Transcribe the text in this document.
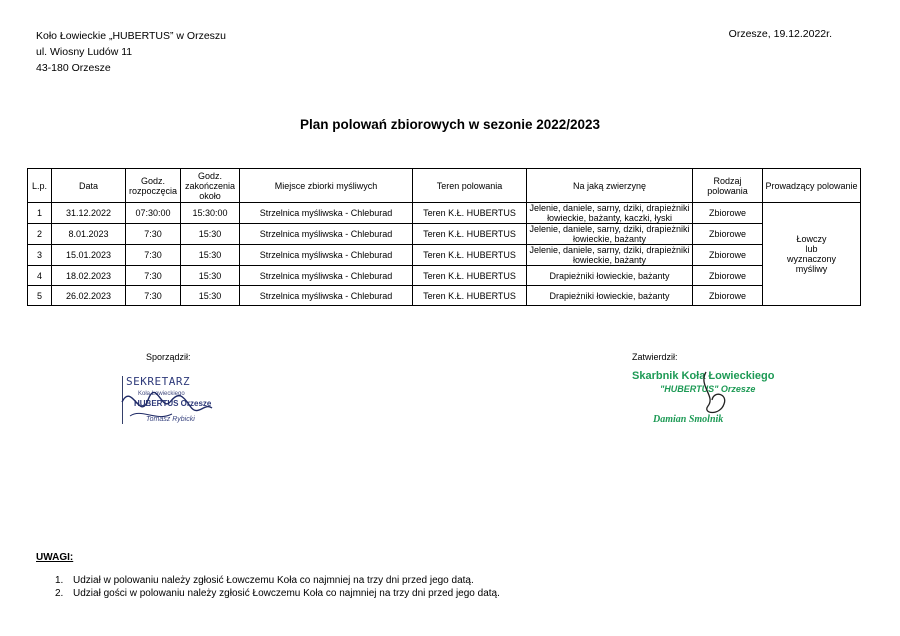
Koło Łowieckie „HUBERTUS” w Orzeszu
ul. Wiosny Ludów 11
43-180 Orzesze
Orzesze, 19.12.2022r.
Plan polowań zbiorowych w sezonie 2022/2023
L.p.	Data	Godz. rozpoczęcia	Godz. zakończenia około	Miejsce zbiorki myśliwych	Teren polowania	Na jaką zwierzynę	Rodzaj polowania	Prowadzący polowanie
1	31.12.2022	07:30:00	15:30:00	Strzelnica myśliwska - Chleburad	Teren K.Ł. HUBERTUS	Jelenie, daniele, sarny, dziki, drapieżniki łowieckie, bażanty, kaczki, łyski	Zbiorowe	Łowczy
lub
wyznaczony
myśliwy

2	8.01.2023	7:30	15:30	Strzelnica myśliwska - Chleburad	Teren K.Ł. HUBERTUS	Jelenie, daniele, sarny, dziki, drapieżniki łowieckie, bażanty	Zbiorowe	
3	15.01.2023	7:30	15:30	Strzelnica myśliwska - Chleburad	Teren K.Ł. HUBERTUS	Jelenie, daniele, sarny, dziki, drapieżniki łowieckie, bażanty	Zbiorowe	
4	18.02.2023	7:30	15:30	Strzelnica myśliwska - Chleburad	Teren K.Ł. HUBERTUS	Drapieżniki łowieckie, bażanty	Zbiorowe	
5	26.02.2023	7:30	15:30	Strzelnica myśliwska - Chleburad	Teren K.Ł. HUBERTUS	Drapieżniki łowieckie, bażanty	Zbiorowe	
Sporządził:	Zatwierdził:
SEKRETARZ
Koła Łowieckiego
HUBERTUS Orzesze
Tomasz Rybicki
Skarbnik Koła Łowieckiego
"HUBERTUS" Orzesze
Damian Smolnik
UWAGI:
1. Udział w polowaniu należy zgłosić Łowczemu Koła co najmniej na trzy dni przed jego datą.
2. Udział gości w polowaniu należy zgłosić Łowczemu Koła co najmniej na trzy dni przed jego datą.
